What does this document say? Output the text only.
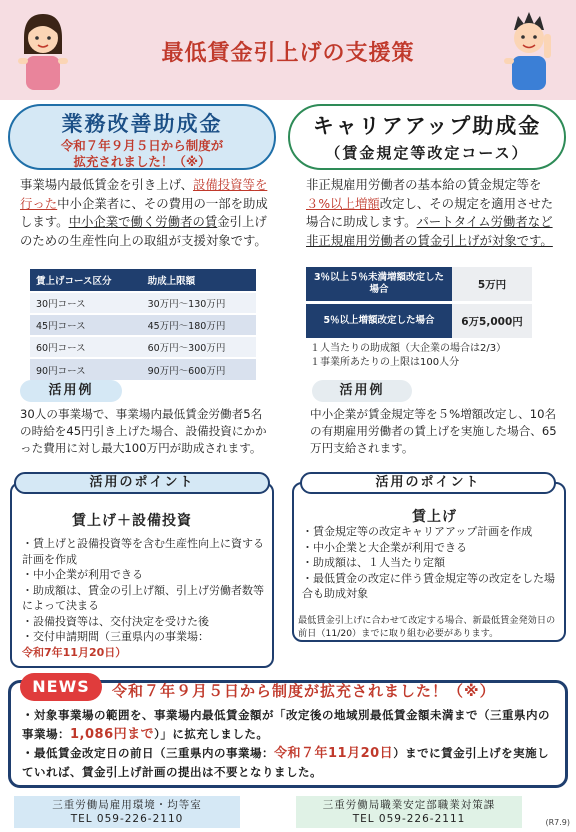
最低賃金引上げの支援策
業務改善助成金
令和７年９月５日から制度が
拡充されました！（※）
事業場内最低賃金を引き上げ、設備投資等を行った中小企業者に、その費用の一部を助成します。中小企業で働く労働者の賃金引上げのための生産性向上の取組が支援対象です。
賃上げコース区分	助成上限額
30円コース	30万円～130万円
45円コース	45万円～180万円
60円コース	60万円～300万円
90円コース	90万円～600万円
活用例
30人の事業場で、事業場内最低賃金労働者5名の時給を45円引き上げた場合、設備投資にかかった費用に対し最大100万円が助成されます。
活用のポイント
賃上げ＋設備投資
・賃上げと設備投資等を含む生産性向上に資する計画を作成
・中小企業が利用できる
・助成額は、賃金の引上げ額、引上げ労働者数等によって決まる
・設備投資等は、交付決定を受けた後
・交付申請期間（三重県内の事業場：
令和7年11月20日）
キャリアアップ助成金
（賃金規定等改定コース）
非正規雇用労働者の基本給の賃金規定等を３%以上増額改定し、その規定を適用させた場合に助成します。パートタイム労働者など非正規雇用労働者の賃金引上げが対象です。
3％以上５％未満増額改定した場合	5万円
5％以上増額改定した場合	6万5,000円
１人当たりの助成額（大企業の場合は2/3）
１事業所あたりの上限は100人分
活用例
中小企業が賃金規定等を５%増額改定し、10名の有期雇用労働者の賃上げを実施した場合、65万円支給されます。
活用のポイント
賃上げ
・賃金規定等の改定キャリアアップ計画を作成
・中小企業と大企業が利用できる
・助成額は、１人当たり定額
・最低賃金の改定に伴う賃金規定等の改定をした場合も助成対象
最低賃金引上げに合わせて改定する場合、新最低賃金発効日の前日（11/20）までに取り組む必要があります。
NEWS	令和７年９月５日から制度が拡充されました！（※）
・対象事業場の範囲を、事業場内最低賃金額が「改定後の地域別最低賃金額未満まで（三重県内の事業場：1,086円まで）」に拡充しました。
・最低賃金改定日の前日（三重県内の事業場：令和７年11月20日）までに賃金引上げを実施していれば、賃金引上げ計画の提出は不要となりました。
三重労働局雇用環境・均等室
TEL 059-226-2110
三重労働局職業安定部職業対策課
TEL 059-226-2111	(R7.9)
